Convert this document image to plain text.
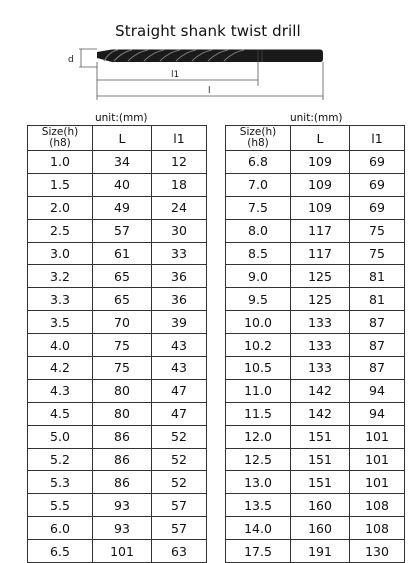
Straight shank twist drill
d
l1
l
unit:(mm)	unit:(mm)
Size(h)
(h8)	L	l1
1.0	34	12
1.5	40	18
2.0	49	24
2.5	57	30
3.0	61	33
3.2	65	36
3.3	65	36
3.5	70	39
4.0	75	43
4.2	75	43
4.3	80	47
4.5	80	47
5.0	86	52
5.2	86	52
5.3	86	52
5.5	93	57
6.0	93	57
6.5	101	63
Size(h)
(h8)	L	l1
6.8	109	69
7.0	109	69
7.5	109	69
8.0	117	75
8.5	117	75
9.0	125	81
9.5	125	81
10.0	133	87
10.2	133	87
10.5	133	87
11.0	142	94
11.5	142	94
12.0	151	101
12.5	151	101
13.0	151	101
13.5	160	108
14.0	160	108
17.5	191	130
